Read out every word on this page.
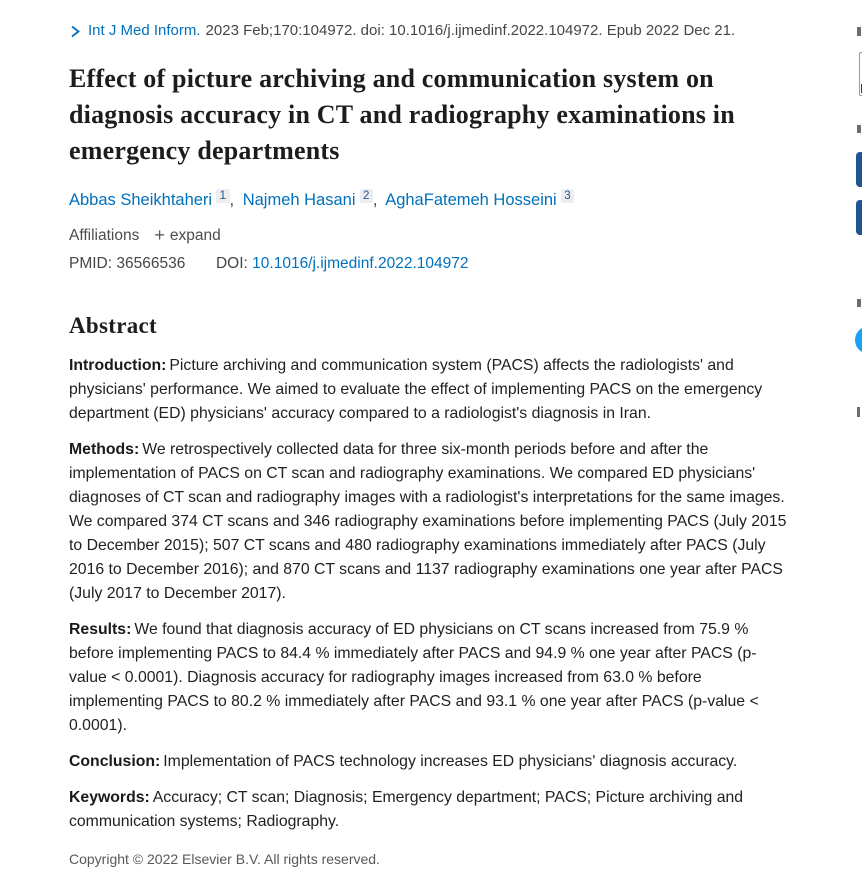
Int J Med Inform. 2023 Feb;170:104972. doi: 10.1016/j.ijmedinf.2022.104972. Epub 2022 Dec 21.
Effect of picture archiving and communication system on diagnosis accuracy in CT and radiography examinations in emergency departments
Abbas Sheikhtaheri 1 , Najmeh Hasani 2 , AghaFatemeh Hosseini 3
Affiliations + expand
PMID: 36566536 DOI: 10.1016/j.ijmedinf.2022.104972
Abstract

Introduction: Picture archiving and communication system (PACS) affects the radiologists' and physicians' performance. We aimed to evaluate the effect of implementing PACS on the emergency department (ED) physicians' accuracy compared to a radiologist's diagnosis in Iran.

Methods: We retrospectively collected data for three six-month periods before and after the implementation of PACS on CT scan and radiography examinations. We compared ED physicians' diagnoses of CT scan and radiography images with a radiologist's interpretations for the same images. We compared 374 CT scans and 346 radiography examinations before implementing PACS (July 2015 to December 2015); 507 CT scans and 480 radiography examinations immediately after PACS (July 2016 to December 2016); and 870 CT scans and 1137 radiography examinations one year after PACS (July 2017 to December 2017).

Results: We found that diagnosis accuracy of ED physicians on CT scans increased from 75.9 % before implementing PACS to 84.4 % immediately after PACS and 94.9 % one year after PACS (p-value < 0.0001). Diagnosis accuracy for radiography images increased from 63.0 % before implementing PACS to 80.2 % immediately after PACS and 93.1 % one year after PACS (p-value < 0.0001).

Conclusion: Implementation of PACS technology increases ED physicians' diagnosis accuracy.

Keywords: Accuracy; CT scan; Diagnosis; Emergency department; PACS; Picture archiving and communication systems; Radiography.

Copyright © 2022 Elsevier B.V. All rights reserved.
